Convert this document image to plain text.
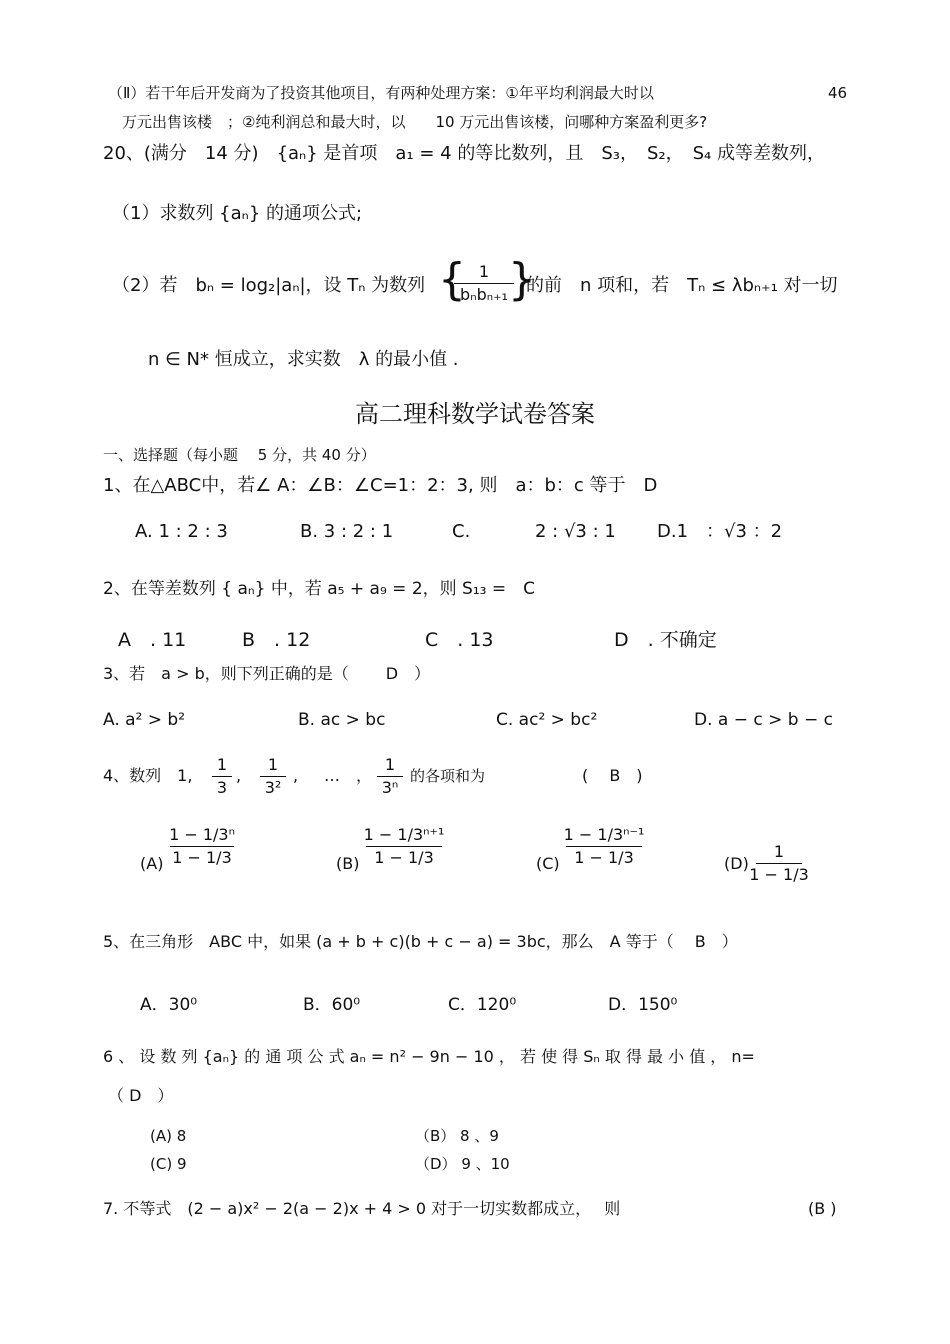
（Ⅱ）若干年后开发商为了投资其他项目，有两种处理方案：①年平均利润最大时以	46
万元出售该楼　；②纯利润总和最大时，以　　10 万元出售该楼，问哪种方案盈利更多?
20、(满分　14 分)　{aₙ} 是首项　a₁ = 4 的等比数列，且　S₃，　S₂，　S₄ 成等差数列，
（1）求数列 {aₙ} 的通项公式;
（2）若　bₙ = log₂|aₙ|，设 Tₙ 为数列 { 1
bₙbₙ₊₁ }
的前　n 项和，若　Tₙ ≤ λbₙ₊₁ 对一切
n ∈ N* 恒成立，求实数　λ 的最小值 .
高二理科数学试卷答案
一、选择题（每小题　 5 分，共 40 分）
1、在△ABC中，若∠ A：∠B：∠C=1：2：3, 则　a：b：c 等于　D
A. 1 : 2 : 3	B. 3 : 2 : 1	C.	2 : √3 : 1 D.1　：√3 ：2
2、在等差数列 { aₙ} 中，若 a₅ + a₉ = 2，则 S₁₃ =　C
A　. 11	B　. 12	C　. 13	D　. 不确定
3、若　a > b，则下列正确的是（　　 D　）
A. a² > b²	B. ac > bc	C. ac² > bc²	D. a − c > b − c
4、数列　1,
1
3
,
1
3²
, …　，
1
3ⁿ
的各项和为	(　 B　)
(A)
1 − 1/3ⁿ
1 − 1/3	(B)
1 − 1/3ⁿ⁺¹
1 − 1/3	(C)
1 − 1/3ⁿ⁻¹
1 − 1/3	(D)
1
1 − 1/3
5、在三角形　ABC 中，如果 (a + b + c)(b + c − a) = 3bc，那么　A 等于（　 B　）
A．30⁰	B．60⁰	C．120⁰	D．150⁰
6 、 设 数 列 {aₙ} 的 通 项 公 式 aₙ = n² − 9n − 10 ， 若 使 得 Sₙ 取 得 最 小 值 ， n=
（ D　）
(A) 8	（B） 8 、9
(C) 9	（D） 9 、10
7. 不等式　(2 − a)x² − 2(a − 2)x + 4 > 0 对于一切实数都成立，　 则	(B )
